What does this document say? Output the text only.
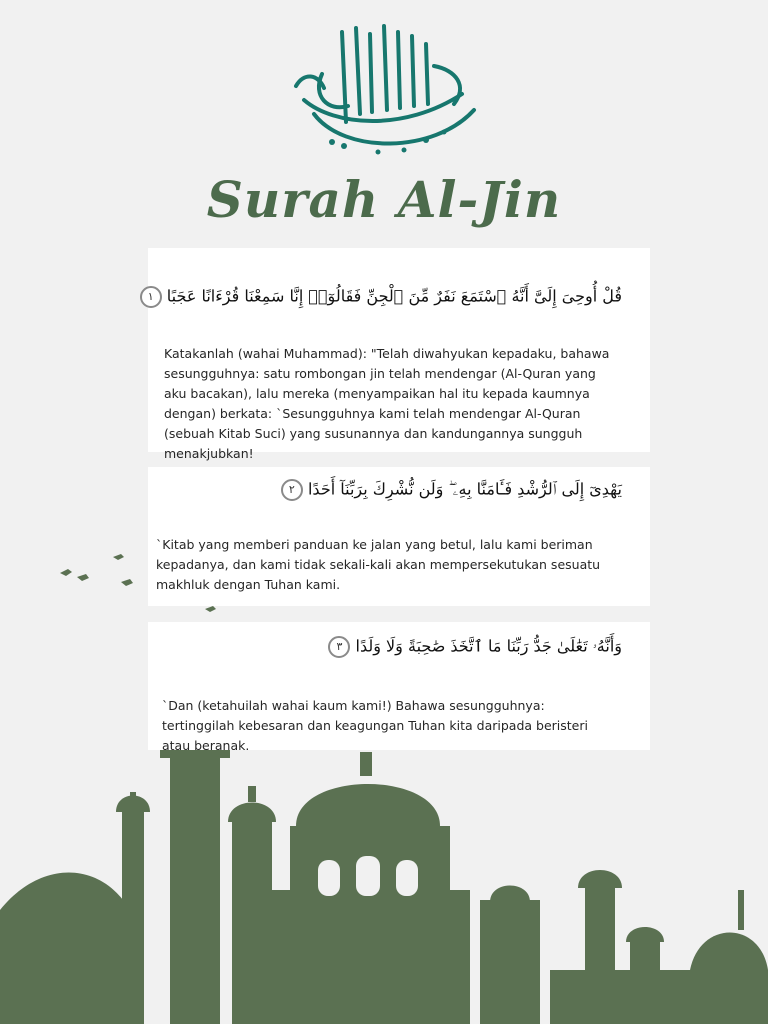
Surah Al-Jin
قُلْ أُوحِىَ إِلَىَّ أَنَّهُ ٱسْتَمَعَ نَفَرٌ مِّنَ ٱلْجِنِّ فَقَالُوٓا۟ إِنَّا سَمِعْنَا قُرْءَانًا عَجَبًا ١

Katakanlah (wahai Muhammad): "Telah diwahyukan kepadaku, bahawa sesungguhnya: satu rombongan jin telah mendengar (Al-Quran yang aku bacakan), lalu mereka (menyampaikan hal itu kepada kaumnya dengan) berkata: `Sesungguhnya kami telah mendengar Al-Quran (sebuah Kitab Suci) yang susunannya dan kandungannya sungguh menakjubkan!

يَهْدِىٓ إِلَى ٱلرُّشْدِ فَـَٔامَنَّا بِهِۦ ۖ وَلَن نُّشْرِكَ بِرَبِّنَآ أَحَدًا ٢

`Kitab yang memberi panduan ke jalan yang betul, lalu kami beriman kepadanya, dan kami tidak sekali-kali akan mempersekutukan sesuatu makhluk dengan Tuhan kami.

وَأَنَّهُۥ تَعَٰلَىٰ جَدُّ رَبِّنَا مَا ٱتَّخَذَ صَٰحِبَةً وَلَا وَلَدًا ٣

`Dan (ketahuilah wahai kaum kami!) Bahawa sesungguhnya: tertinggilah kebesaran dan keagungan Tuhan kita daripada beristeri atau beranak.
